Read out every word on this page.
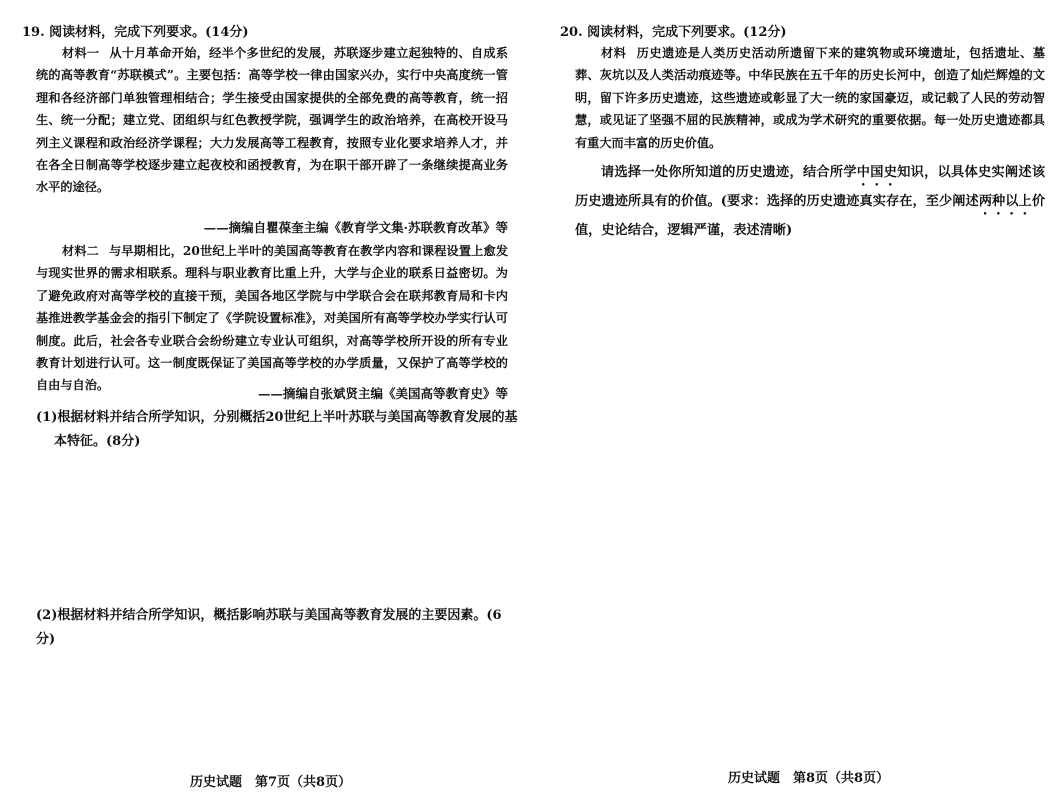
19. 阅读材料，完成下列要求。(14分)

材料一 从十月革命开始，经半个多世纪的发展，苏联逐步建立起独特的、自成系统的高等教育“苏联模式”。主要包括：高等学校一律由国家兴办，实行中央高度统一管理和各经济部门单独管理相结合；学生接受由国家提供的全部免费的高等教育，统一招生、统一分配；建立党、团组织与红色教授学院，强调学生的政治培养，在高校开设马列主义课程和政治经济学课程；大力发展高等工程教育，按照专业化要求培养人才，并在各全日制高等学校逐步建立起夜校和函授教育，为在职干部开辟了一条继续提高业务水平的途径。

——摘编自瞿葆奎主编《教育学文集·苏联教育改革》等

材料二 与早期相比，20世纪上半叶的美国高等教育在教学内容和课程设置上愈发与现实世界的需求相联系。理科与职业教育比重上升，大学与企业的联系日益密切。为了避免政府对高等学校的直接干预，美国各地区学院与中学联合会在联邦教育局和卡内基推进教学基金会的指引下制定了《学院设置标准》，对美国所有高等学校办学实行认可制度。此后，社会各专业联合会纷纷建立专业认可组织，对高等学校所开设的所有专业教育计划进行认可。这一制度既保证了美国高等学校的办学质量，又保护了高等学校的自由与自治。

——摘编自张斌贤主编《美国高等教育史》等

(1)根据材料并结合所学知识，分别概括20世纪上半叶苏联与美国高等教育发展的基本特征。(8分)

(2)根据材料并结合所学知识，概括影响苏联与美国高等教育发展的主要因素。(6分)

历史试题　第7页（共8页）
20. 阅读材料，完成下列要求。(12分)

材料 历史遗迹是人类历史活动所遗留下来的建筑物或环境遗址，包括遗址、墓葬、灰坑以及人类活动痕迹等。中华民族在五千年的历史长河中，创造了灿烂辉煌的文明，留下许多历史遗迹，这些遗迹或彰显了大一统的家国豪迈，或记载了人民的劳动智慧，或见证了坚强不屈的民族精神，或成为学术研究的重要依据。每一处历史遗迹都具有重大而丰富的历史价值。

请选择一处你所知道的历史遗迹，结合所学中国史知识，以具体史实阐述该历史遗迹所具有的价值。(要求：选择的历史遗迹真实存在，至少阐述两种以上价值，史论结合，逻辑严谨，表述清晰)

历史试题　第8页（共8页）
